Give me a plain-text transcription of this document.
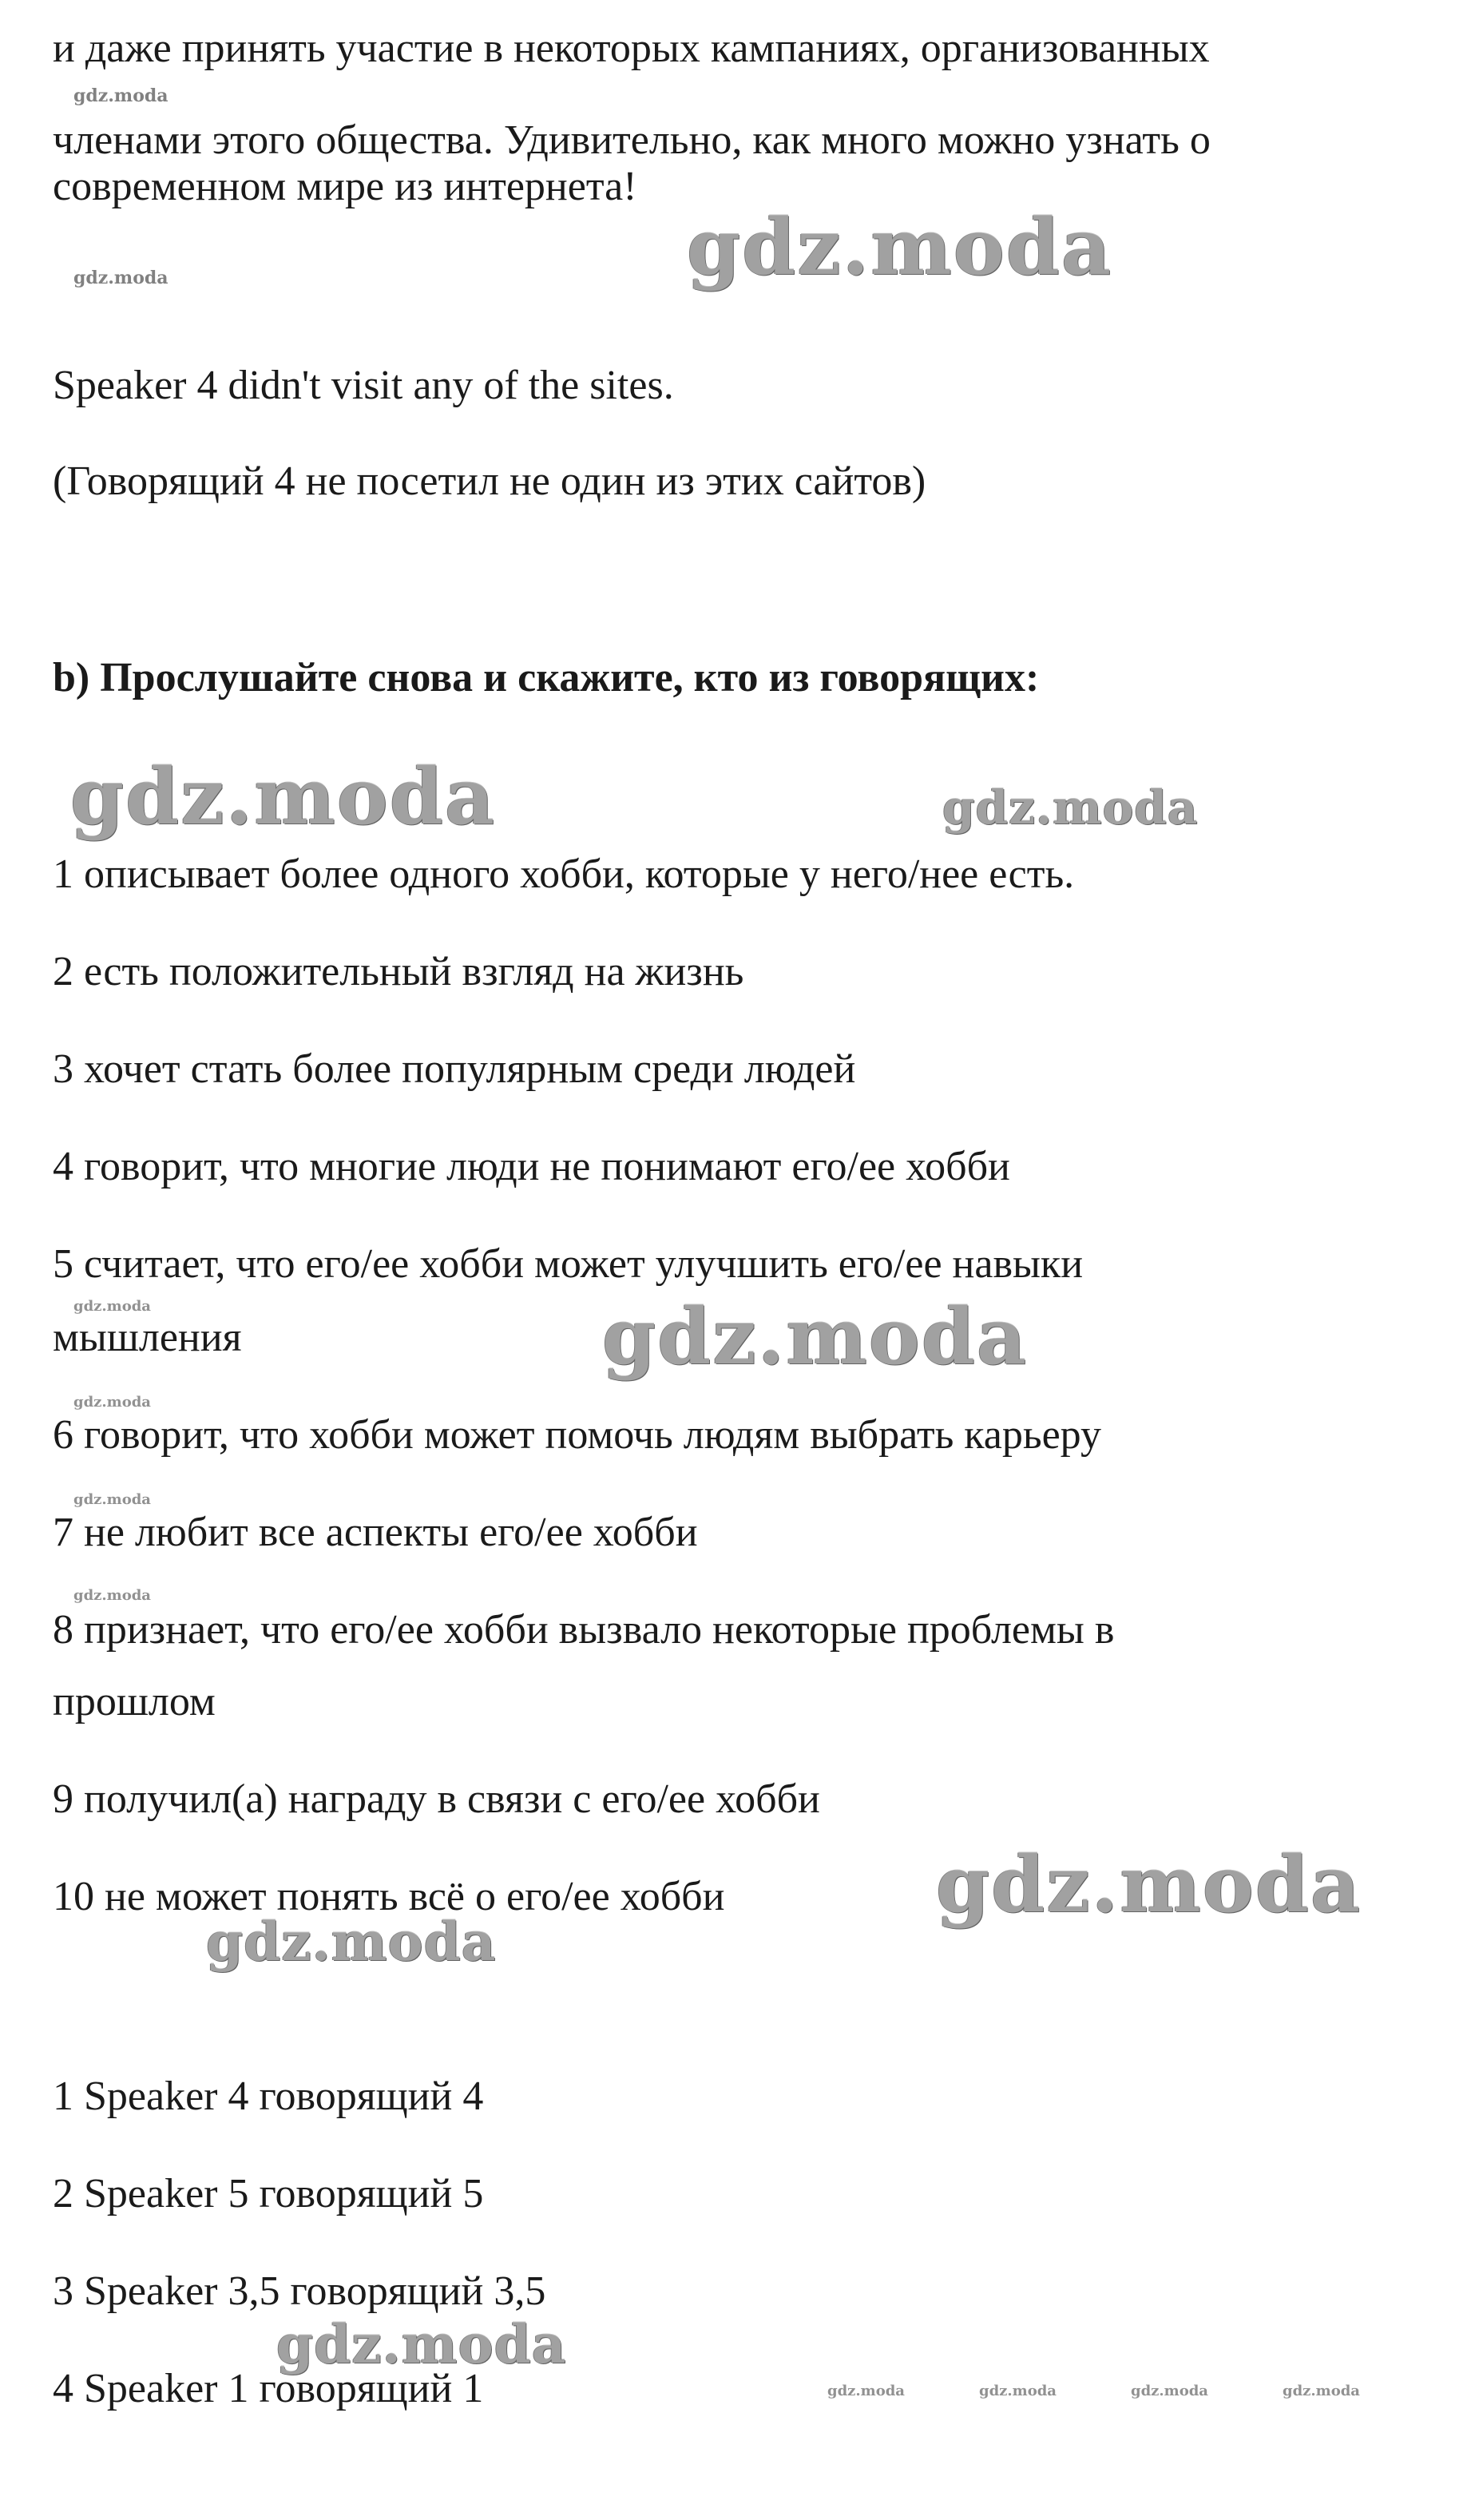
и даже принять участие в некоторых кампаниях, организованных
членами этого общества. Удивительно, как много можно узнать о
современном мире из интернета!
Speaker 4 didn't visit any of the sites.
(Говорящий 4 не посетил не один из этих сайтов)
b) Прослушайте снова и скажите, кто из говорящих:
1 описывает более одного хобби, которые у него/нее есть.
2 есть положительный взгляд на жизнь
3 хочет стать более популярным среди людей
4 говорит, что многие люди не понимают его/ее хобби
5 считает, что его/ее хобби может улучшить его/ее навыки
мышления
6 говорит, что хобби может помочь людям выбрать карьеру
7 не любит все аспекты его/ее хобби
8 признает, что его/ее хобби вызвало некоторые проблемы в
прошлом
9 получил(а) награду в связи с его/ее хобби
10 не может понять всё о его/ее хобби
1 Speaker 4 говорящий 4
2 Speaker 5 говорящий 5
3 Speaker 3,5 говорящий 3,5
4 Speaker 1 говорящий 1
gdz.moda
gdz.moda
gdz.moda
gdz.moda	gdz.moda
gdz.moda	gdz.moda
gdz.moda
gdz.moda
gdz.moda
gdz.moda
gdz.moda
gdz.moda
gdz.moda	gdz.moda	gdz.moda	gdz.moda
